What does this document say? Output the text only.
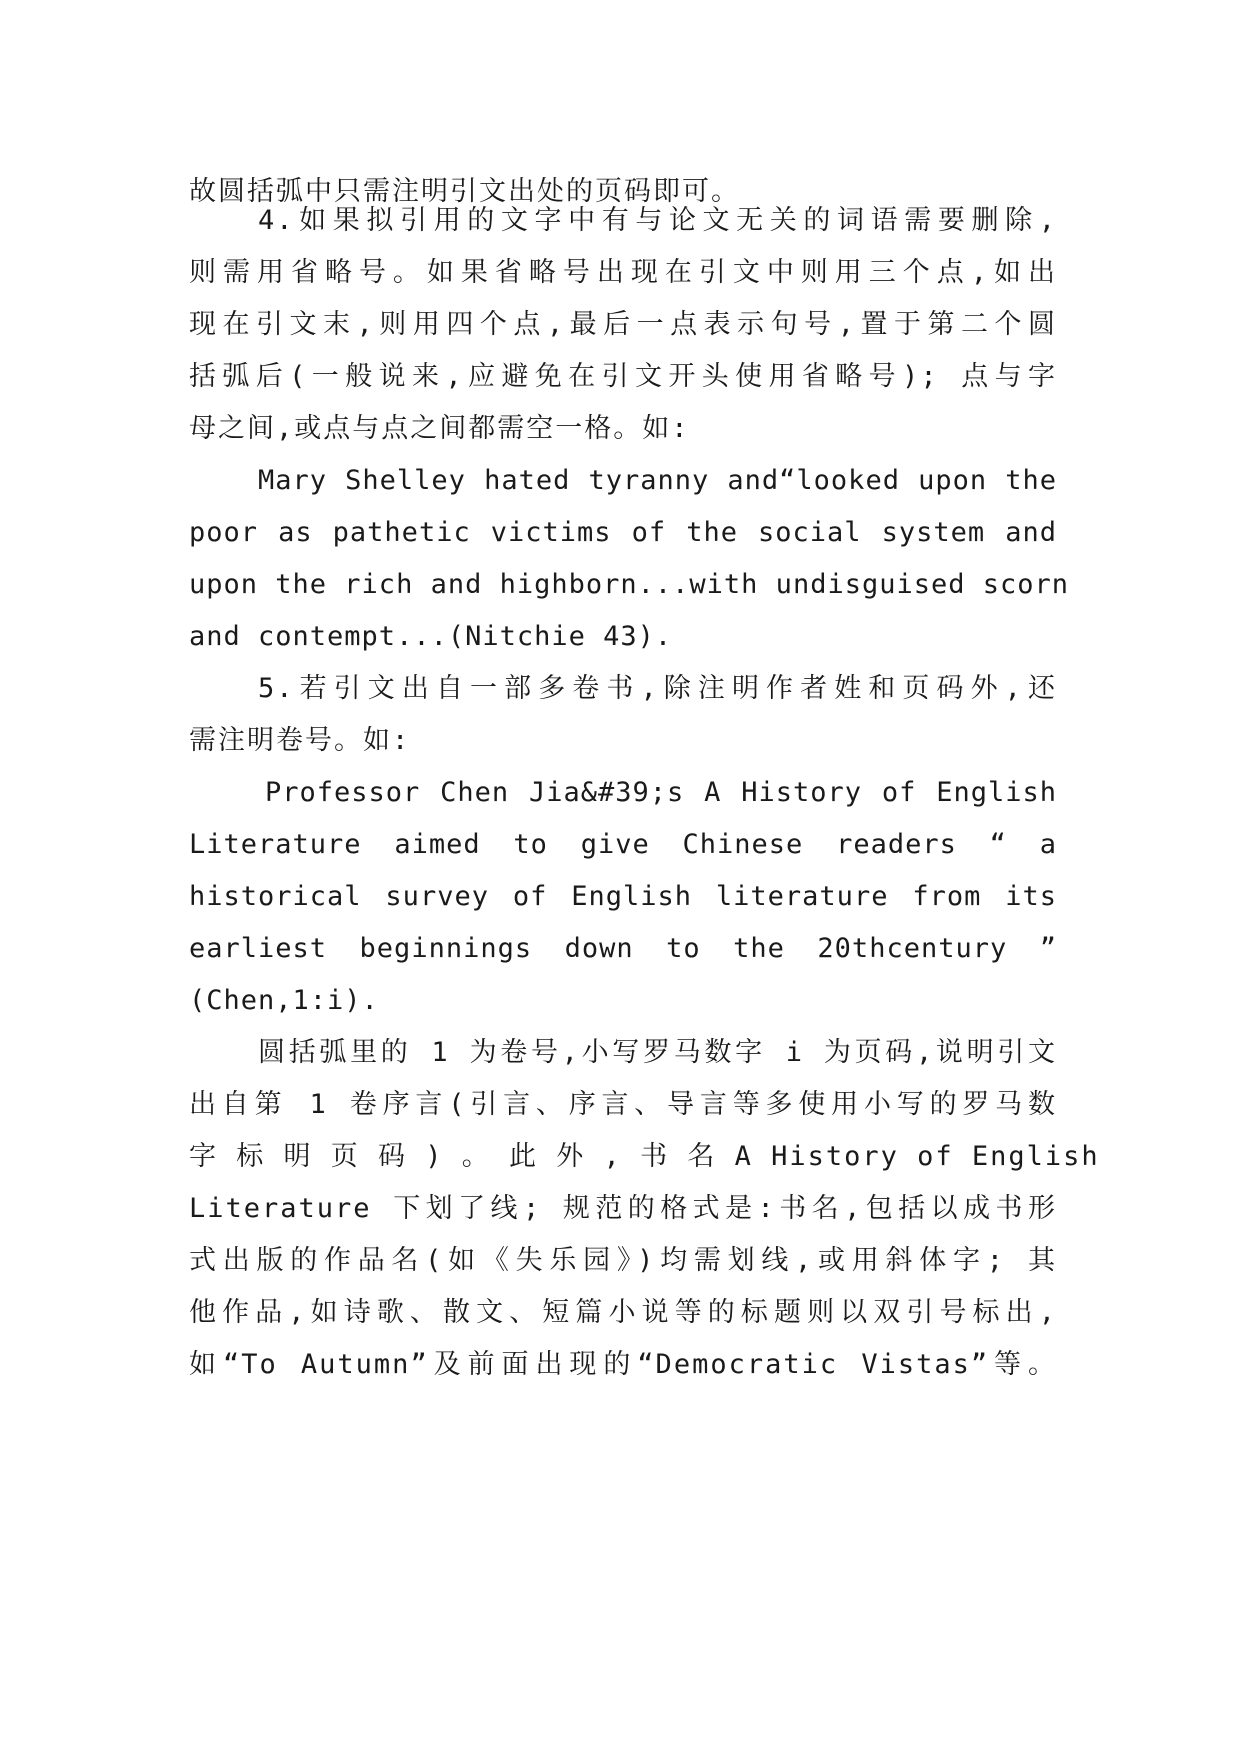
故圆括弧中只需注明引文出处的页码即可。
4.如果拟引用的文字中有与论文无关的词语需要删除,
则需用省略号。如果省略号出现在引文中则用三个点,如出
现在引文末,则用四个点,最后一点表示句号,置于第二个圆
括弧后(一般说来,应避免在引文开头使用省略号); 点与字
母之间,或点与点之间都需空一格。如:
Mary Shelley hated tyranny and“looked upon the
poor as pathetic victims of the social system and
upon the rich and highborn...with undisguised scorn
and contempt...(Nitchie 43).
5.若引文出自一部多卷书,除注明作者姓和页码外,还
需注明卷号。如:
Professor Chen Jia&#39;s A History of English
Literature aimed to give Chinese readers “ a
historical survey of English literature from its
earliest beginnings down to the 20thcentury ”
(Chen,1:i).
圆括弧里的 1 为卷号,小写罗马数字 i 为页码,说明引文
出自第 1 卷序言(引言、序言、导言等多使用小写的罗马数
字 标 明 页 码 ) 。 此 外 , 书 名 A History of English
Literature 下划了线; 规范的格式是:书名,包括以成书形
式出版的作品名(如《失乐园》)均需划线,或用斜体字; 其
他作品,如诗歌、散文、短篇小说等的标题则以双引号标出,
如“To Autumn”及前面出现的“Democratic Vistas”等。
